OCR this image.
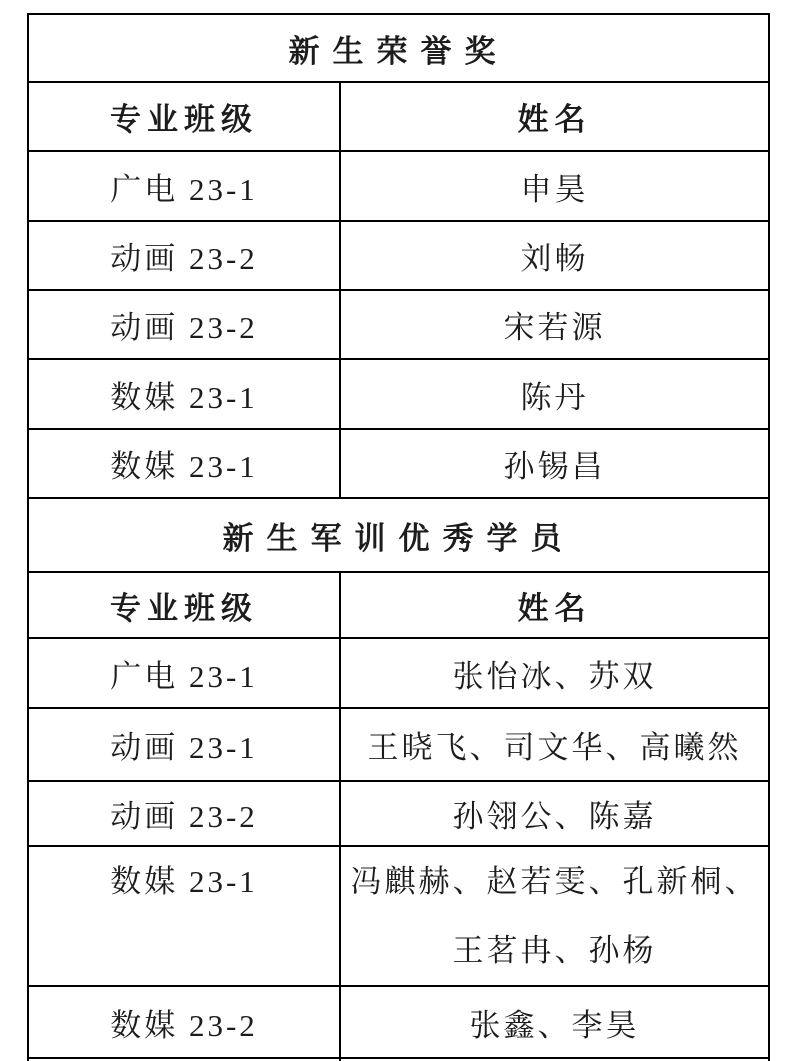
新生荣誉奖	
专业班级	姓名
广电 23-1	申昊
动画 23-2	刘畅
动画 23-2	宋若源
数媒 23-1	陈丹
数媒 23-1	孙锡昌
新生军训优秀学员	
专业班级	姓名
广电 23-1	张怡冰、苏双
动画 23-1	王晓飞、司文华、高曦然
动画 23-2	孙翎公、陈嘉
数媒 23-1	冯麒赫、赵若雯、孔新桐、王茗冉、孙杨
数媒 23-2	张鑫、李昊
